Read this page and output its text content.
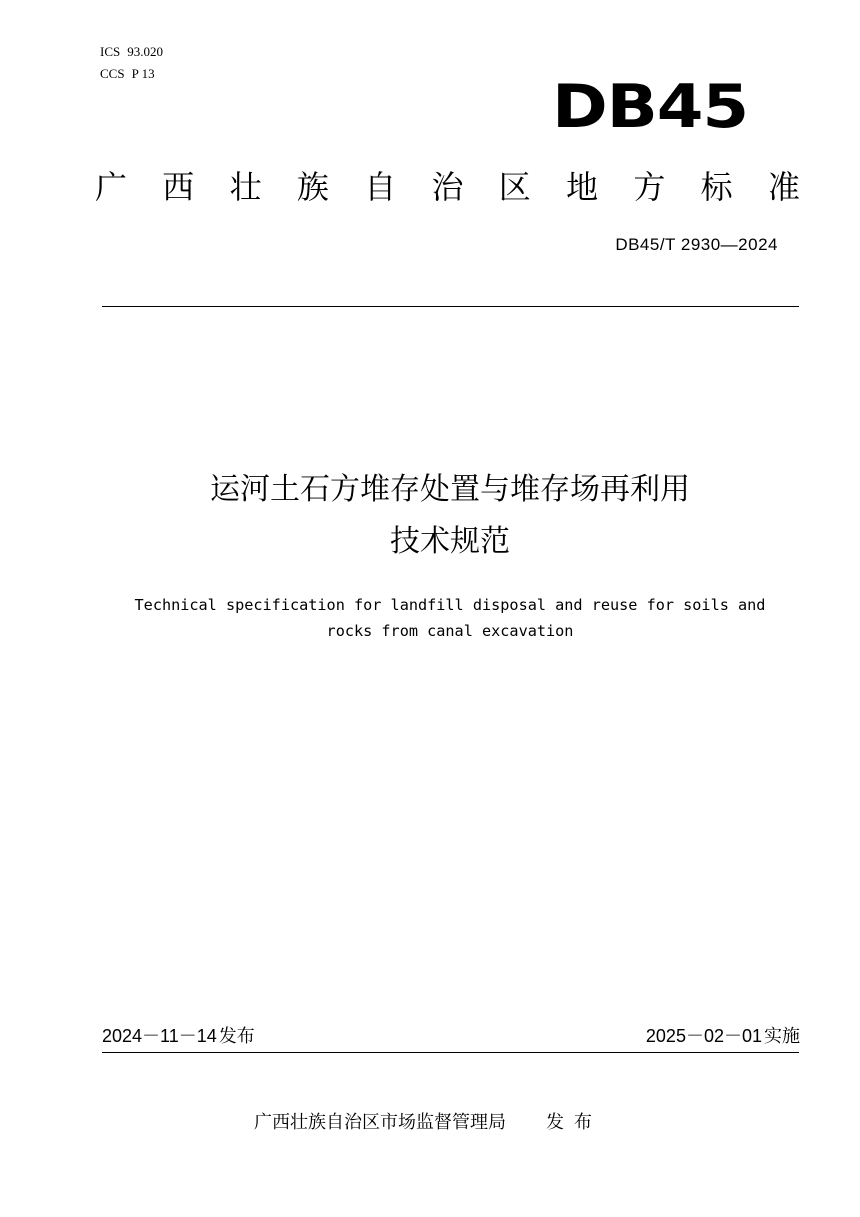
ICS 93.020
CCS P 13	DB45
广 西 壮 族 自 治 区 地 方 标 准
DB45/T 2930—2024
运河土石方堆存处置与堆存场再利用
技术规范
Technical specification for landfill disposal and reuse for soils and
rocks from canal excavation
2024－11－14 发布	2025－02－01 实施
广西壮族自治区市场监督管理局 发布
